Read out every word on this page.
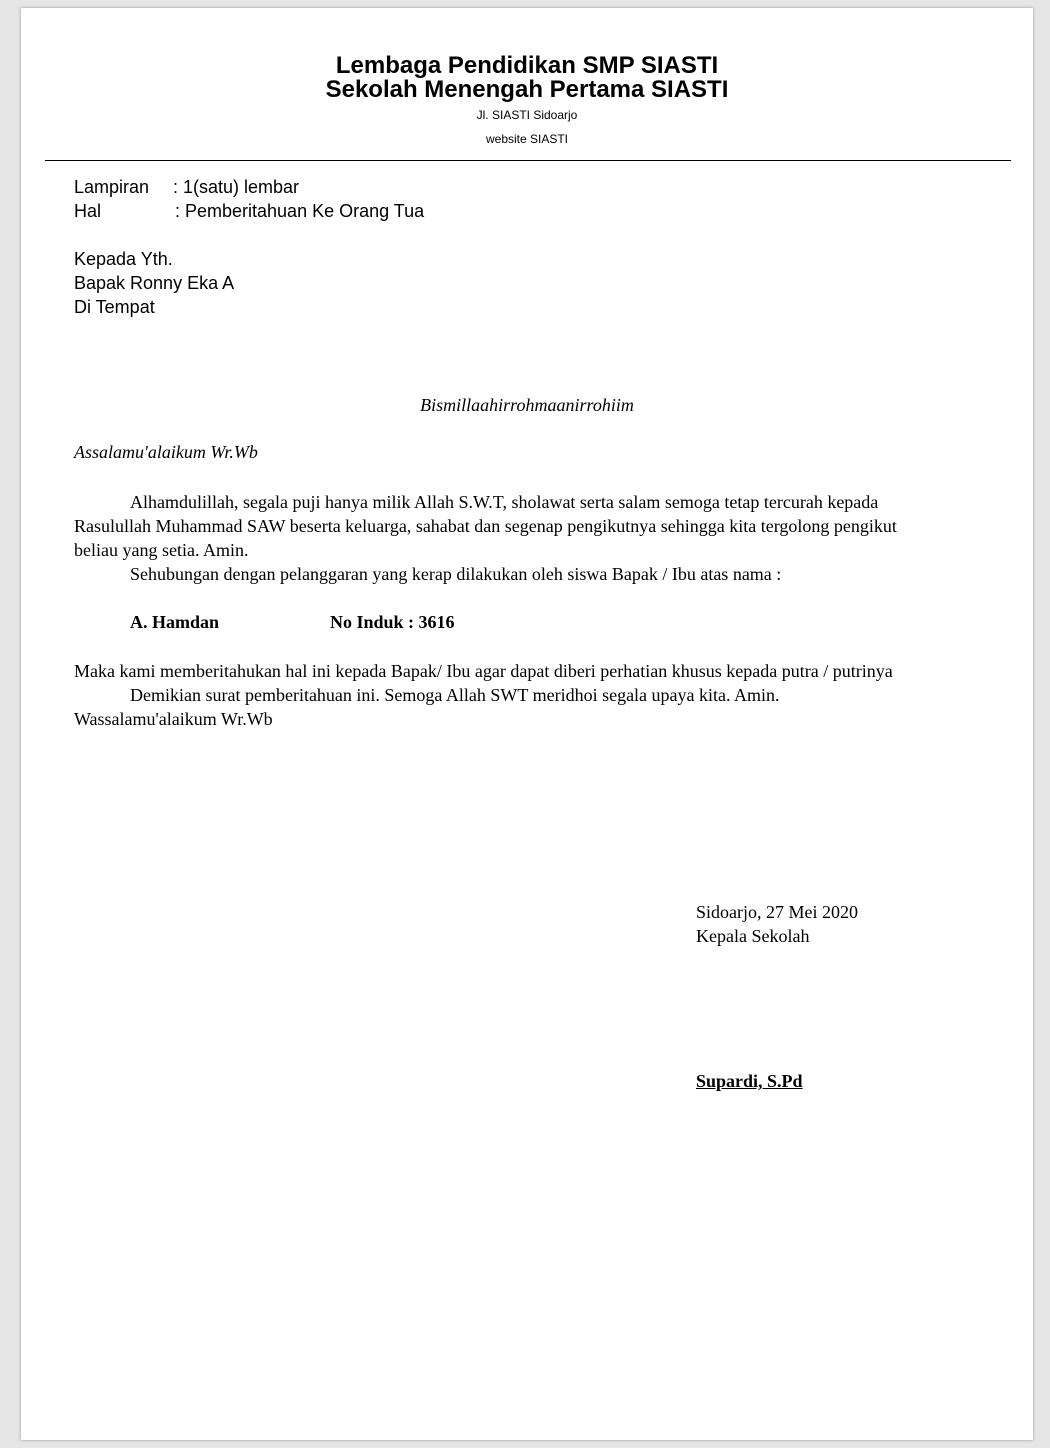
Lembaga Pendidikan SMP SIASTI
Sekolah Menengah Pertama SIASTI
Jl. SIASTI Sidoarjo
website SIASTI
Lampiran : 1(satu) lembar
Hal	: Pemberitahuan Ke Orang Tua
Kepada Yth.
Bapak Ronny Eka A
Di Tempat
Bismillaahirrohmaanirrohiim
Assalamu'alaikum Wr.Wb
Alhamdulillah, segala puji hanya milik Allah S.W.T, sholawat serta salam semoga tetap tercurah kepada
Rasulullah Muhammad SAW beserta keluarga, sahabat dan segenap pengikutnya sehingga kita tergolong pengikut
beliau yang setia. Amin.
Sehubungan dengan pelanggaran yang kerap dilakukan oleh siswa Bapak / Ibu atas nama :
A. Hamdan	No Induk : 3616
Maka kami memberitahukan hal ini kepada Bapak/ Ibu agar dapat diberi perhatian khusus kepada putra / putrinya
Demikian surat pemberitahuan ini. Semoga Allah SWT meridhoi segala upaya kita. Amin.
Wassalamu'alaikum Wr.Wb
Sidoarjo, 27 Mei 2020
Kepala Sekolah
Supardi, S.Pd
